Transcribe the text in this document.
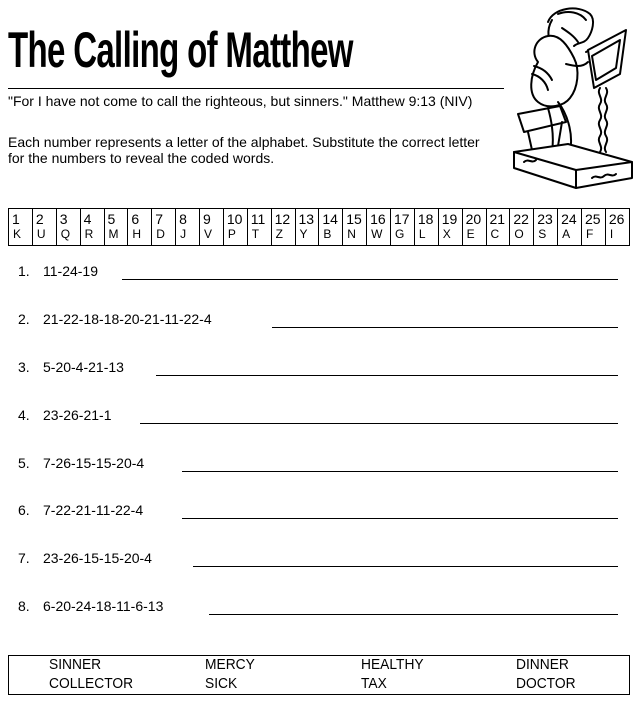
The Calling of Matthew
"For I have not come to call the righteous, but sinners." Matthew 9:13 (NIV)
Each number represents a letter of the alphabet. Substitute the correct letter for the numbers to reveal the coded words.
1
K

2
U

3
Q

4
R

5
M

6
H

7
D

8
J

9
V

10
P

11
T

12
Z

13
Y

14
B

15
N

16
W

17
G

18
L

19
X

20
E

21
C

22
O

23
S

24
A

25
F

26
I
1. 11-24-19
2. 21-22-18-18-20-21-11-22-4
3. 5-20-4-21-13
4. 23-26-21-1
5. 7-26-15-15-20-4
6. 7-22-21-11-22-4
7. 23-26-15-15-20-4
8. 6-20-24-18-11-6-13
SINNER	MERCY	HEALTHY	DINNER
COLLECTOR	SICK	TAX	DOCTOR
